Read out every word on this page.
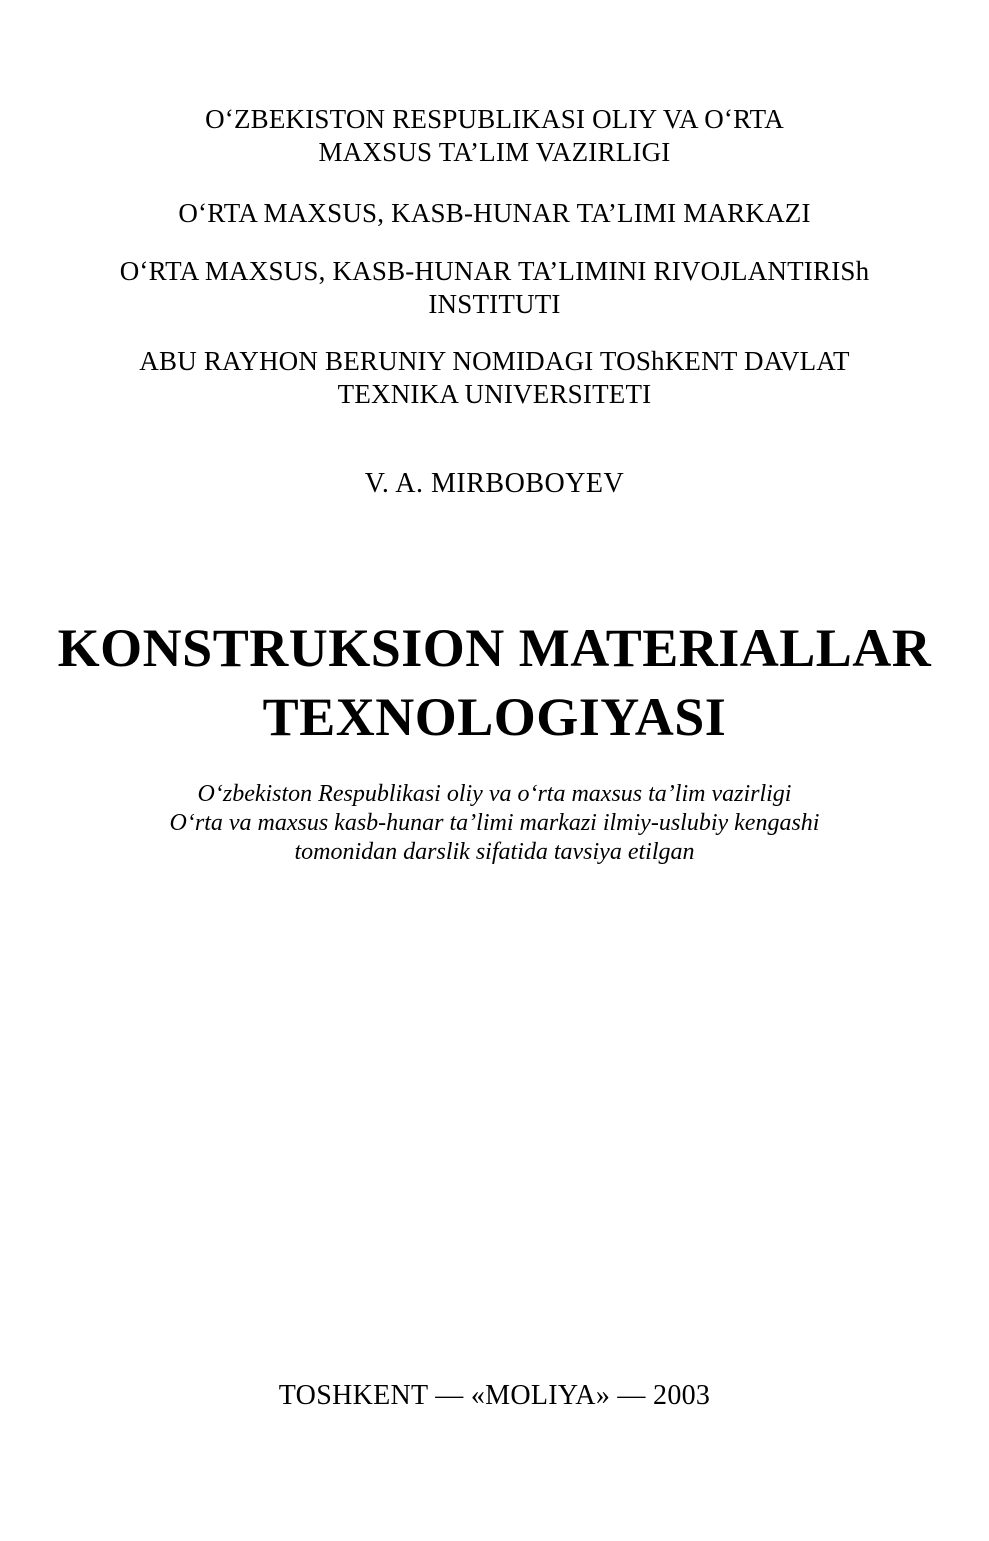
O‘ZBEKISTON RESPUBLIKASI OLIY VA O‘RTA
MAXSUS TA’LIM VAZIRLIGI
O‘RTA MAXSUS, KASB-HUNAR TA’LIMI MARKAZI
O‘RTA MAXSUS, KASB-HUNAR TA’LIMINI RIVOJLANTIRISh
INSTITUTI
ABU RAYHON BERUNIY NOMIDAGI TOShKENT DAVLAT
TEXNIKA UNIVERSITETI
V. A. MIRBOBOYEV
KONSTRUKSION MATERIALLAR
TEXNOLOGIYASI
O‘zbekiston Respublikasi oliy va o‘rta maxsus ta’lim vazirligi
O‘rta va maxsus kasb-hunar ta’limi markazi ilmiy-uslubiy kengashi
tomonidan darslik sifatida tavsiya etilgan
TOSHKENT — «MOLIYA» — 2003
